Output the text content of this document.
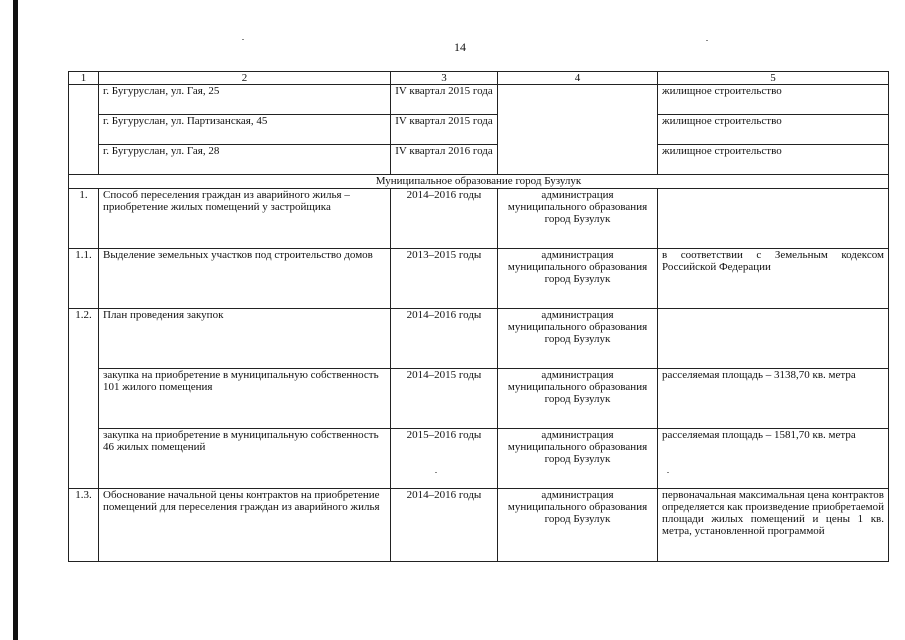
14
1	2	3	4	5
	г. Бугуруслан, ул. Гая, 25	IV квартал 2015 года		жилищное строительство
	г. Бугуруслан, ул. Партизанская, 45	IV квартал 2015 года		жилищное строительство
	г. Бугуруслан, ул. Гая, 28	IV квартал 2016 года		жилищное строительство
Муниципальное образование город Бузулук				
1.	Способ переселения граждан из аварийного жилья – приобретение жилых помещений у застройщика	2014–2016 годы	администрация муниципального образования город Бузулук	
1.1.	Выделение земельных участков под строительство домов	2013–2015 годы	администрация муниципального образования город Бузулук	в соответствии с Земельным кодексом Российской Федерации
1.2.	План проведения закупок	2014–2016 годы	администрация муниципального образования город Бузулук	
	закупка на приобретение в муниципальную собственность 101 жилого помещения	2014–2015 годы	администрация муниципального образования город Бузулук	расселяемая площадь – 3138,70 кв. метра
	закупка на приобретение в муниципальную собственность 46 жилых помещений	2015–2016 годы	администрация муниципального образования город Бузулук	расселяемая площадь – 1581,70 кв. метра
1.3.	Обоснование начальной цены контрактов на приобретение помещений для переселения граждан из аварийного жилья	2014–2016 годы	администрация муниципального образования город Бузулук	первоначальная максимальная цена контрактов определяется как произведение приобретаемой площади жилых помещений и цены 1 кв. метра, установленной программой
